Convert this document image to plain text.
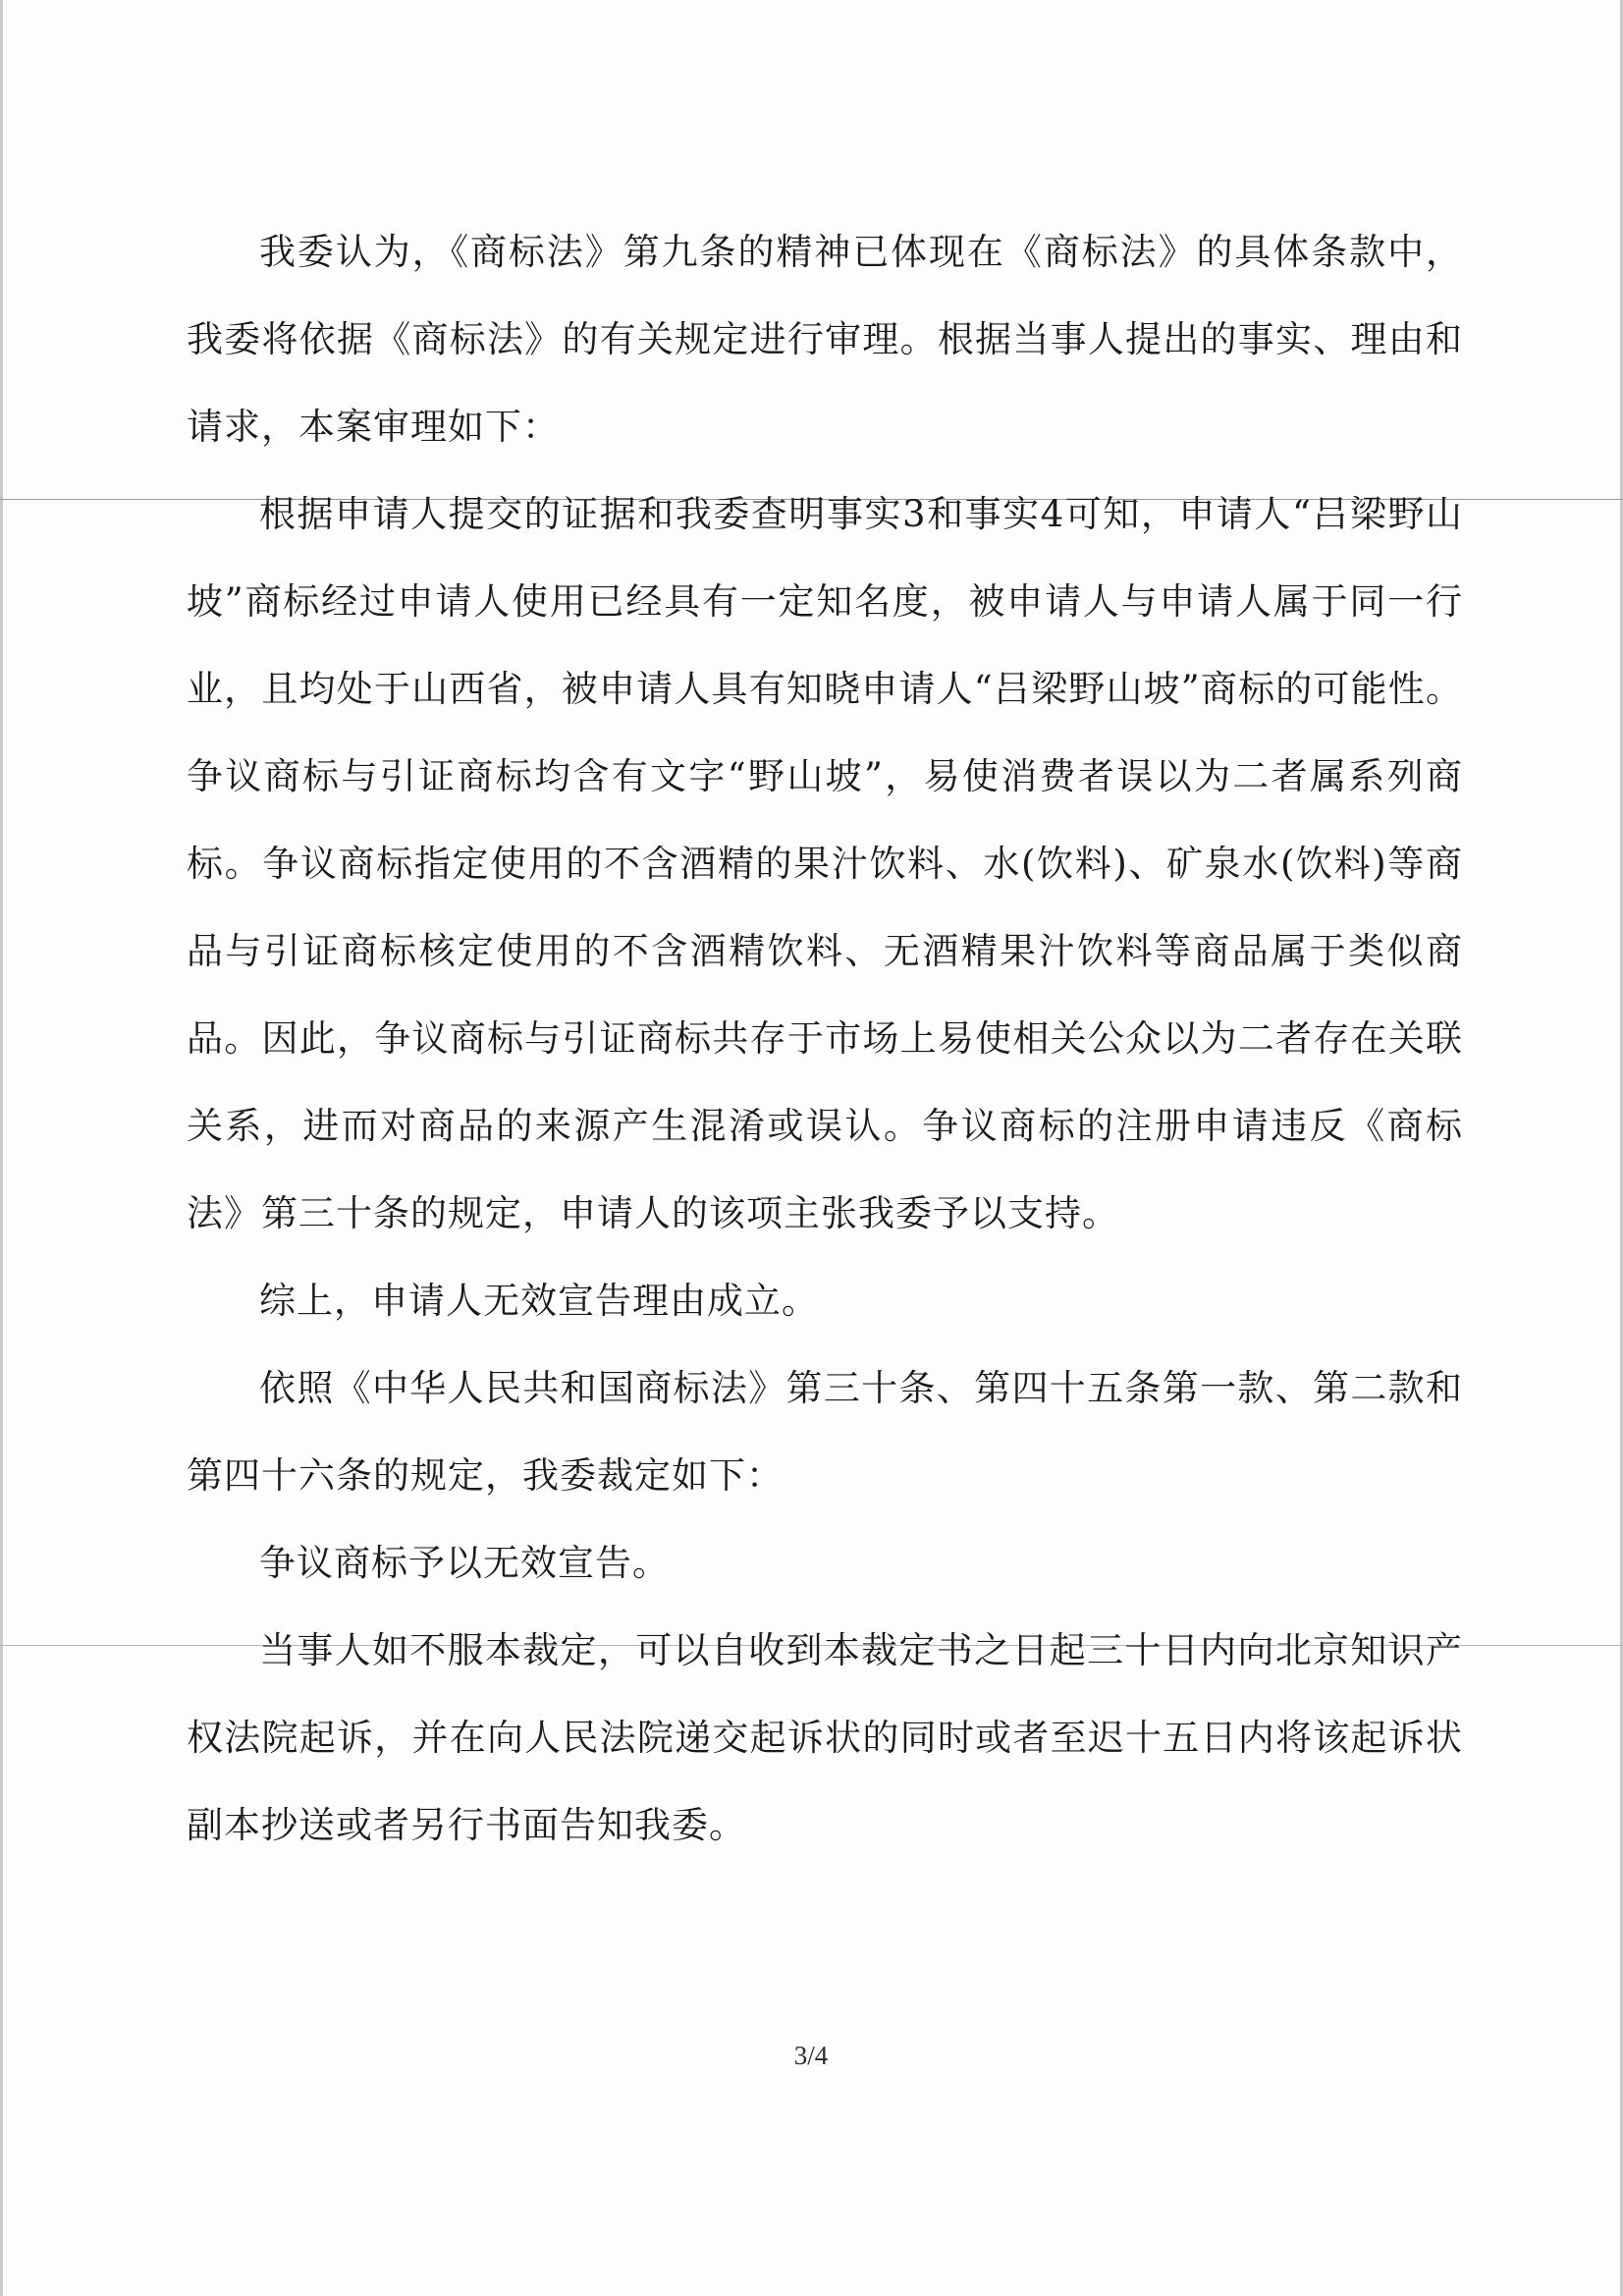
我委认为，《商标法》第九条的精神已体现在《商标法》的具体条款中，我委将依据《商标法》的有关规定进行审理。根据当事人提出的事实、理由和请求，本案审理如下：

根据申请人提交的证据和我委查明事实3和事实4可知，申请人“吕梁野山坡”商标经过申请人使用已经具有一定知名度，被申请人与申请人属于同一行业，且均处于山西省，被申请人具有知晓申请人“吕梁野山坡”商标的可能性。争议商标与引证商标均含有文字“野山坡”，易使消费者误以为二者属系列商标。争议商标指定使用的不含酒精的果汁饮料、水(饮料)、矿泉水(饮料)等商品与引证商标核定使用的不含酒精饮料、无酒精果汁饮料等商品属于类似商品。因此，争议商标与引证商标共存于市场上易使相关公众以为二者存在关联关系，进而对商品的来源产生混淆或误认。争议商标的注册申请违反《商标法》第三十条的规定，申请人的该项主张我委予以支持。

综上，申请人无效宣告理由成立。

依照《中华人民共和国商标法》第三十条、第四十五条第一款、第二款和第四十六条的规定，我委裁定如下：

争议商标予以无效宣告。

当事人如不服本裁定，可以自收到本裁定书之日起三十日内向北京知识产权法院起诉，并在向人民法院递交起诉状的同时或者至迟十五日内将该起诉状副本抄送或者另行书面告知我委。

3/4
